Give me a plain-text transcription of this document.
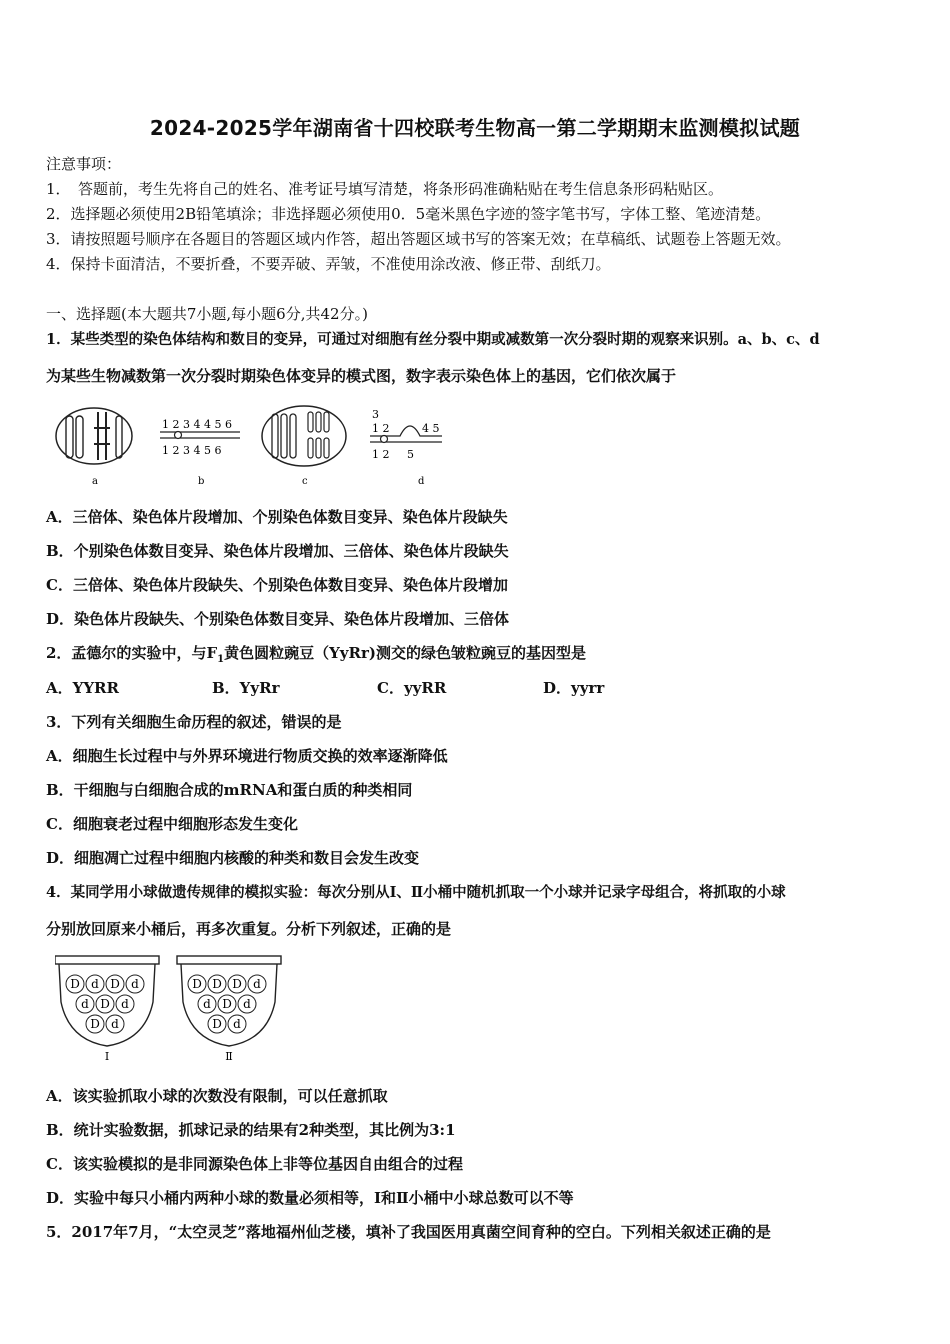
2024-2025学年湖南省十四校联考生物高一第二学期期末监测模拟试题
注意事项：
1．　答题前，考生先将自己的姓名、准考证号填写清楚，将条形码准确粘贴在考生信息条形码粘贴区。
2．选择题必须使用2B铅笔填涂；非选择题必须使用0．5毫米黑色字迹的签字笔书写，字体工整、笔迹清楚。
3．请按照题号顺序在各题目的答题区域内作答，超出答题区域书写的答案无效；在草稿纸、试题卷上答题无效。
4．保持卡面清洁，不要折叠，不要弄破、弄皱，不准使用涂改液、修正带、刮纸刀。
一、选择题(本大题共7小题,每小题6分,共42分。)
1．某些类型的染色体结构和数目的变异，可通过对细胞有丝分裂中期或减数第一次分裂时期的观察来识别。a、b、c、d
为某些生物减数第一次分裂时期染色体变异的模式图，数字表示染色体上的基因，它们依次属于
1 2 3 4 4 5 6
1 2 3 4 5 6
3
1 2	4 5
1 2     5
a	b	c	d
A．三倍体、染色体片段增加、个别染色体数目变异、染色体片段缺失
B．个别染色体数目变异、染色体片段增加、三倍体、染色体片段缺失
C．三倍体、染色体片段缺失、个别染色体数目变异、染色体片段增加
D．染色体片段缺失、个别染色体数目变异、染色体片段增加、三倍体
2．孟德尔的实验中，与$F_1$黄色圆粒豌豆（YyRr)测交的绿色皱粒豌豆的基因型是
A．YYRR	B．YyRr	C．yyRR	D．yyrr
3．下列有关细胞生命历程的叙述，错误的是
A．细胞生长过程中与外界环境进行物质交换的效率逐渐降低
B．干细胞与白细胞合成的mRNA和蛋白质的种类相同
C．细胞衰老过程中细胞形态发生变化
D．细胞凋亡过程中细胞内核酸的种类和数目会发生改变
4．某同学用小球做遗传规律的模拟实验：每次分别从Ⅰ、Ⅱ小桶中随机抓取一个小球并记录字母组合，将抓取的小球
分别放回原来小桶后，再多次重复。分析下列叙述，正确的是
D d D d
d D d
D d
Ⅰ
D D D d
d D d
D d
Ⅱ
A．该实验抓取小球的次数没有限制，可以任意抓取
B．统计实验数据，抓球记录的结果有2种类型，其比例为3:1
C．该实验模拟的是非同源染色体上非等位基因自由组合的过程
D．实验中每只小桶内两种小球的数量必须相等，Ⅰ和Ⅱ小桶中小球总数可以不等
5．2017年7月，“太空灵芝”落地福州仙芝楼，填补了我国医用真菌空间育种的空白。下列相关叙述正确的是
